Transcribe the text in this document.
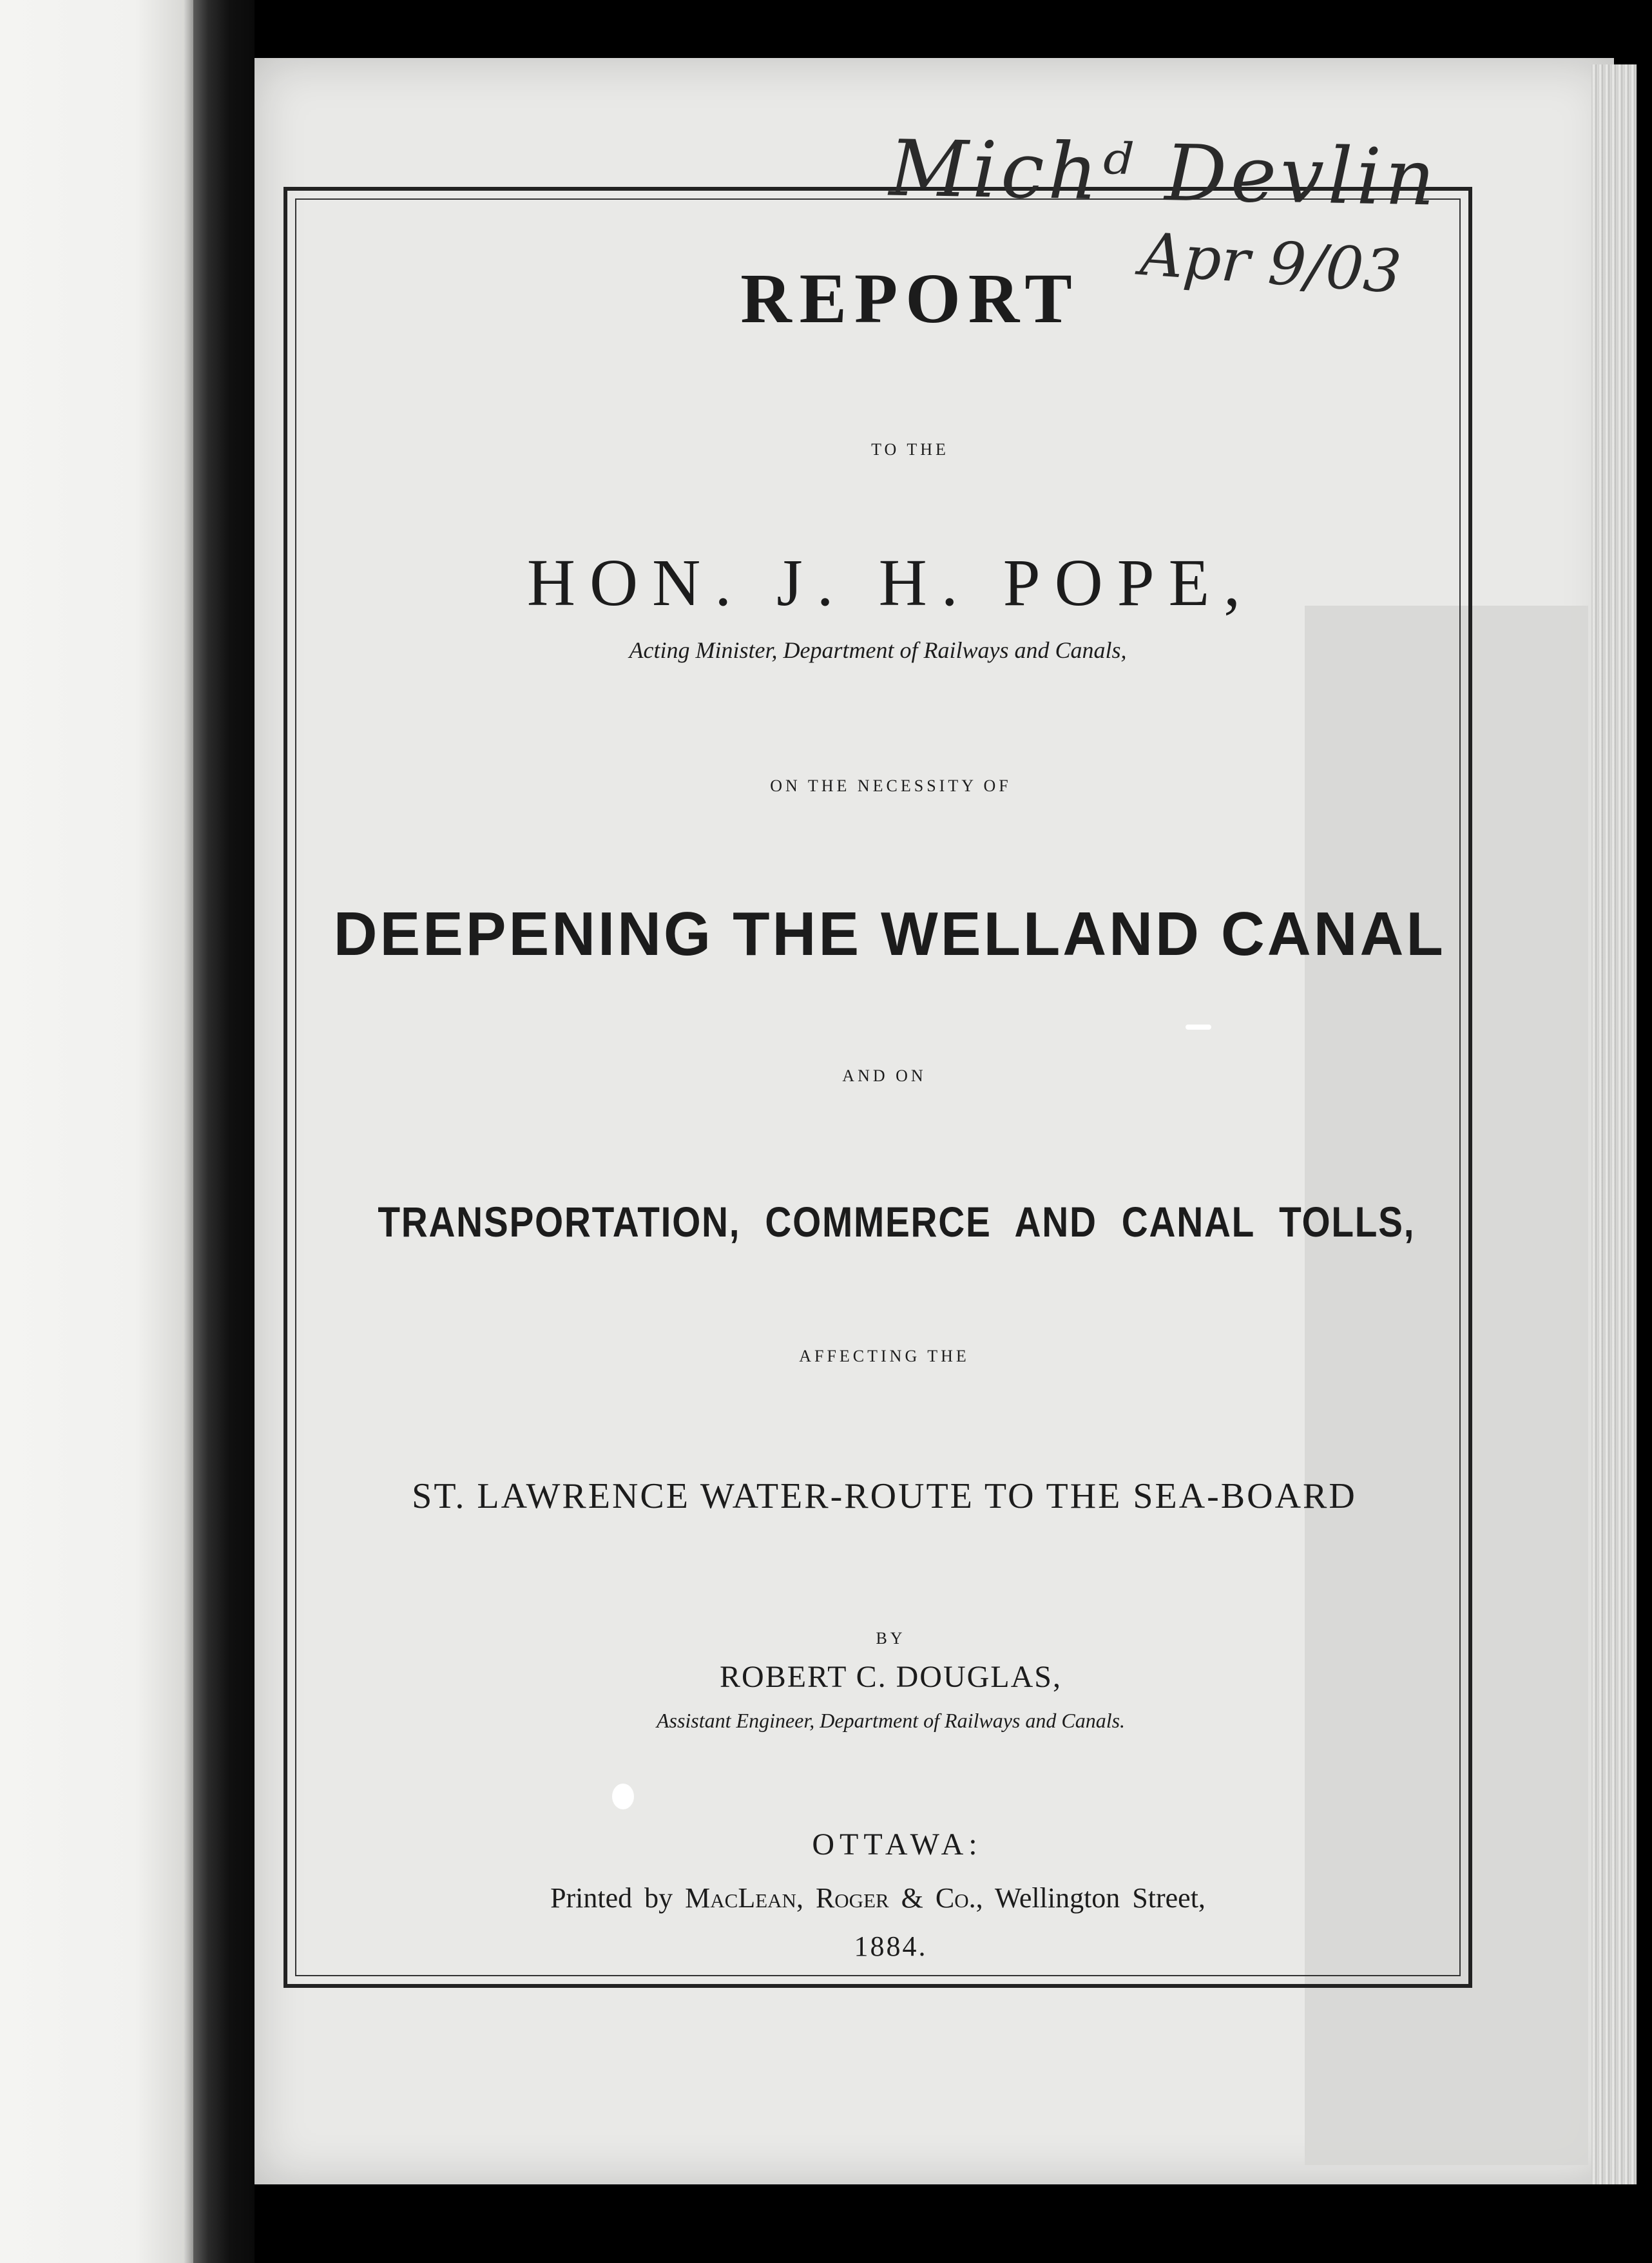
Michᵈ Devlin
Apr 9/03
REPORT
TO THE
HON. J. H. POPE,
Acting Minister, Department of Railways and Canals,
ON THE NECESSITY OF
DEEPENING THE WELLAND CANAL
AND ON
TRANSPORTATION, COMMERCE AND CANAL TOLLS,
AFFECTING THE
ST. LAWRENCE WATER-ROUTE TO THE SEA-BOARD
BY
ROBERT C. DOUGLAS,
Assistant Engineer, Department of Railways and Canals.
OTTAWA:
Printed by MacLean, Roger & Co., Wellington Street,
1884.
